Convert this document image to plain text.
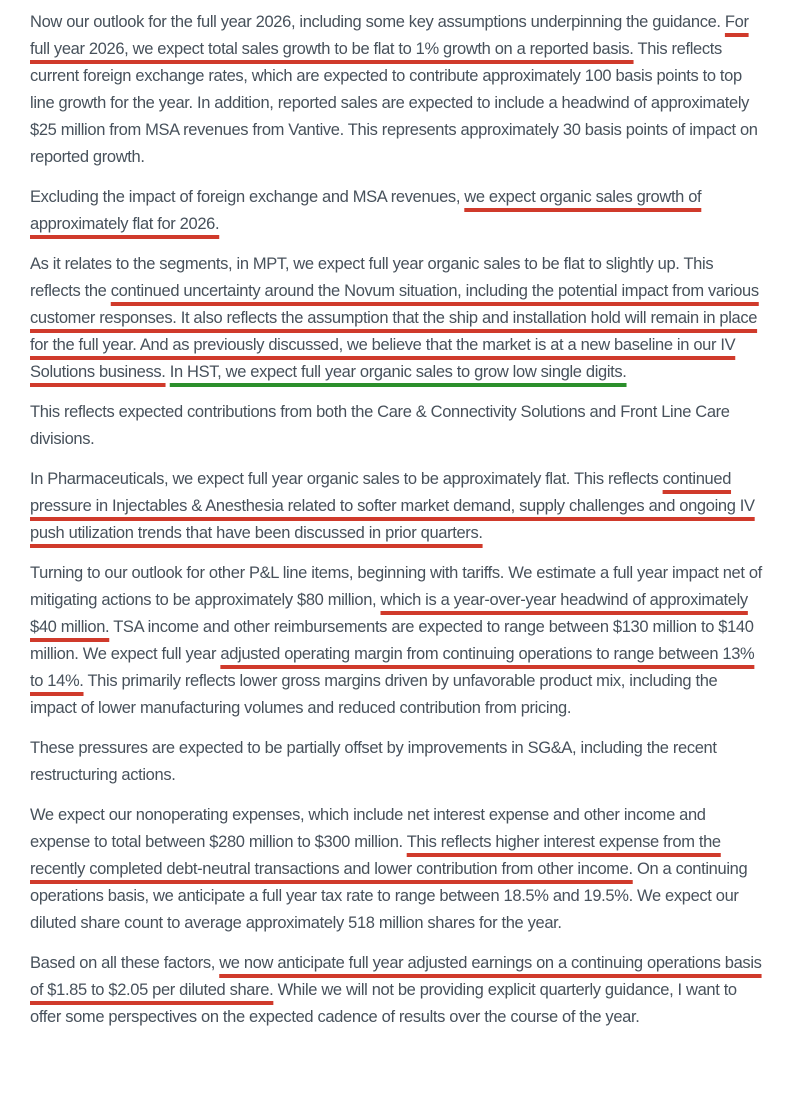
Now our outlook for the full year 2026, including some key assumptions underpinning the guidance. For full year 2026, we expect total sales growth to be flat to 1% growth on a reported basis. This reflects current foreign exchange rates, which are expected to contribute approximately 100 basis points to top line growth for the year. In addition, reported sales are expected to include a headwind of approximately $25 million from MSA revenues from Vantive. This represents approximately 30 basis points of impact on reported growth.

Excluding the impact of foreign exchange and MSA revenues, we expect organic sales growth of approximately flat for 2026.

As it relates to the segments, in MPT, we expect full year organic sales to be flat to slightly up. This reflects the continued uncertainty around the Novum situation, including the potential impact from various customer responses. It also reflects the assumption that the ship and installation hold will remain in place for the full year. And as previously discussed, we believe that the market is at a new baseline in our IV Solutions business. In HST, we expect full year organic sales to grow low single digits.

This reflects expected contributions from both the Care & Connectivity Solutions and Front Line Care divisions.

In Pharmaceuticals, we expect full year organic sales to be approximately flat. This reflects continued pressure in Injectables & Anesthesia related to softer market demand, supply challenges and ongoing IV push utilization trends that have been discussed in prior quarters.

Turning to our outlook for other P&L line items, beginning with tariffs. We estimate a full year impact net of mitigating actions to be approximately $80 million, which is a year-over-year headwind of approximately $40 million. TSA income and other reimbursements are expected to range between $130 million to $140 million. We expect full year adjusted operating margin from continuing operations to range between 13% to 14%. This primarily reflects lower gross margins driven by unfavorable product mix, including the impact of lower manufacturing volumes and reduced contribution from pricing.

These pressures are expected to be partially offset by improvements in SG&A, including the recent restructuring actions.

We expect our nonoperating expenses, which include net interest expense and other income and expense to total between $280 million to $300 million. This reflects higher interest expense from the recently completed debt-neutral transactions and lower contribution from other income. On a continuing operations basis, we anticipate a full year tax rate to range between 18.5% and 19.5%. We expect our diluted share count to average approximately 518 million shares for the year.

Based on all these factors, we now anticipate full year adjusted earnings on a continuing operations basis of $1.85 to $2.05 per diluted share. While we will not be providing explicit quarterly guidance, I want to offer some perspectives on the expected cadence of results over the course of the year.
